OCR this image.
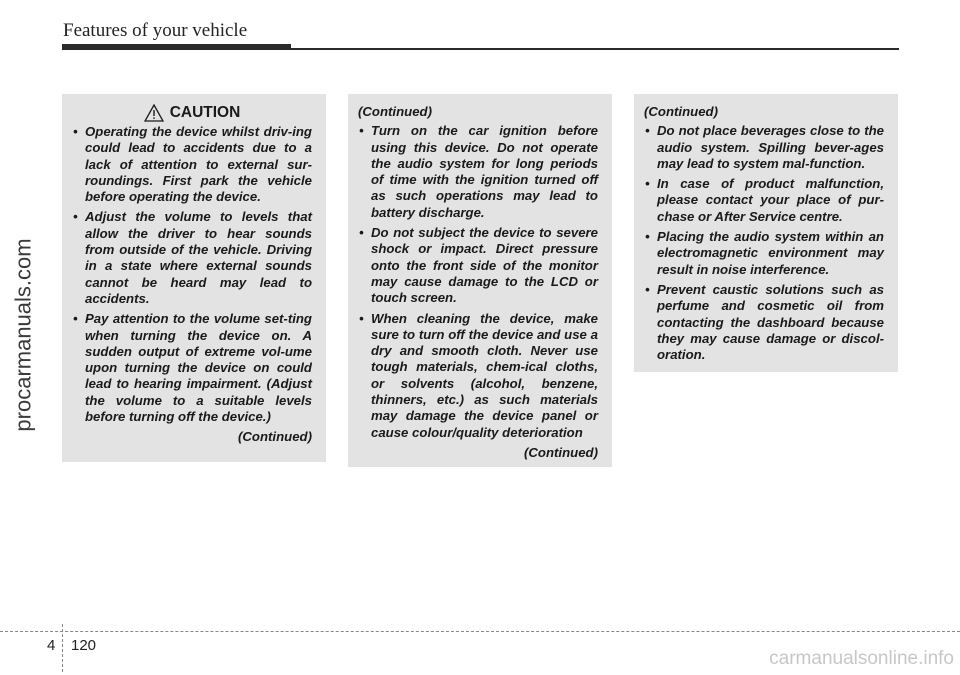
Features of your vehicle
procarmanuals.com
CAUTION
• Operating the device whilst driv-ing could lead to accidents due to a lack of attention to external sur-roundings. First park the vehicle before operating the device.
• Adjust the volume to levels that allow the driver to hear sounds from outside of the vehicle. Driving in a state where external sounds cannot be heard may lead to accidents.
• Pay attention to the volume set-ting when turning the device on. A sudden output of extreme vol-ume upon turning the device on could lead to hearing impairment. (Adjust the volume to a suitable levels before turning off the device.)
(Continued)
(Continued)
• Turn on the car ignition before using this device. Do not operate the audio system for long periods of time with the ignition turned off as such operations may lead to battery discharge.
• Do not subject the device to severe shock or impact. Direct pressure onto the front side of the monitor may cause damage to the LCD or touch screen.
• When cleaning the device, make sure to turn off the device and use a dry and smooth cloth. Never use tough materials, chem-ical cloths, or solvents (alcohol, benzene, thinners, etc.) as such materials may damage the device panel or cause colour/quality deterioration
(Continued)
(Continued)
• Do not place beverages close to the audio system. Spilling bever-ages may lead to system mal-function.
• In case of product malfunction, please contact your place of pur-chase or After Service centre.
• Placing the audio system within an electromagnetic environment may result in noise interference.
• Prevent caustic solutions such as perfume and cosmetic oil from contacting the dashboard because they may cause damage or discol-oration.
4 120
carmanualsonline.info
